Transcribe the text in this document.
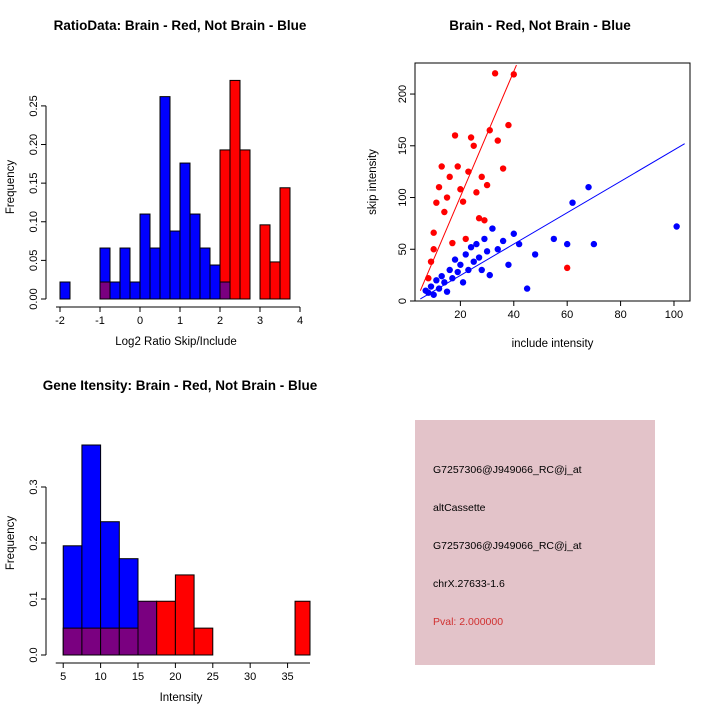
RatioData: Brain - Red, Not Brain - Blue
-2	-1	0	1	2	3	4
0.00
0.05
0.10
0.15
0.20
0.25
Log2 Ratio Skip/Include
Frequency
Brain - Red, Not Brain - Blue
20	40	60	80	100
0
50
100
150
200
include intensity
skip intensity
Gene Itensity: Brain - Red, Not Brain - Blue
5	10 15 20 25 30 35
0.0
0.1
0.2
0.3
Intensity
Frequency
G7257306@J949066_RC@j_at
altCassette
G7257306@J949066_RC@j_at
chrX.27633-1.6
Pval: 2.000000
